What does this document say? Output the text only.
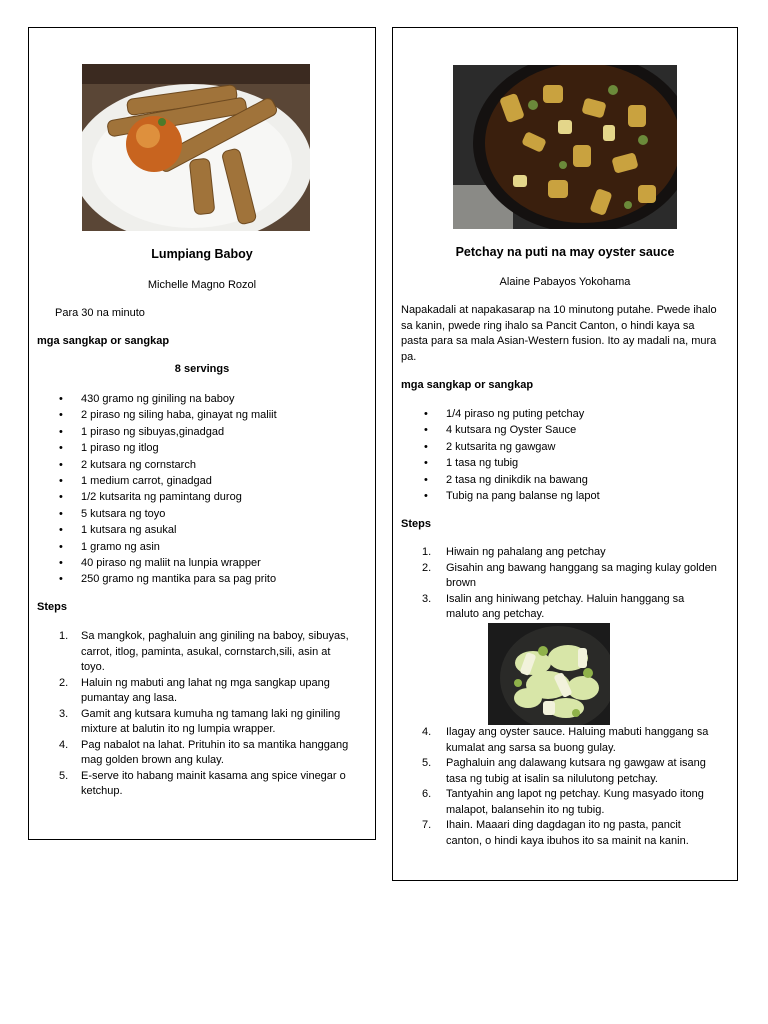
Lumpiang Baboy
Michelle Magno Rozol
Para 30 na minuto
mga sangkap or sangkap
8 servings
• 430 gramo ng giniling na baboy
• 2 piraso ng siling haba, ginayat ng maliit
• 1 piraso ng sibuyas,ginadgad
• 1 piraso ng itlog
• 2 kutsara ng cornstarch
• 1 medium carrot, ginadgad
• 1/2 kutsarita ng pamintang durog
• 5 kutsara ng toyo
• 1 kutsara ng asukal
• 1 gramo ng asin
• 40 piraso ng maliit na lunpia wrapper
• 250 gramo ng mantika para sa pag prito
Steps
1. Sa mangkok, paghaluin ang giniling na baboy, sibuyas,
carrot, itlog, paminta, asukal, cornstarch,sili, asin at
toyo.
2. Haluin ng mabuti ang lahat ng mga sangkap upang
pumantay ang lasa.
3. Gamit ang kutsara kumuha ng tamang laki ng giniling
mixture at balutin ito ng lumpia wrapper.
4. Pag nabalot na lahat. Prituhin ito sa mantika hanggang
mag golden brown ang kulay.
5. E-serve ito habang mainit kasama ang spice vinegar o
ketchup.
Petchay na puti na may oyster sauce
Alaine Pabayos Yokohama
Napakadali at napakasarap na 10 minutong putahe. Pwede ihalo
sa kanin, pwede ring ihalo sa Pancit Canton, o hindi kaya sa
pasta para sa mala Asian-Western fusion. Ito ay madali na, mura
pa.
mga sangkap or sangkap
• 1/4 piraso ng puting petchay
• 4 kutsara ng Oyster Sauce
• 2 kutsarita ng gawgaw
• 1 tasa ng tubig
• 2 tasa ng dinikdik na bawang
• Tubig na pang balanse ng lapot
Steps
1. Hiwain ng pahalang ang petchay
2. Gisahin ang bawang hanggang sa maging kulay golden
brown
3. Isalin ang hiniwang petchay. Haluin hanggang sa
maluto ang petchay.
4. Ilagay ang oyster sauce. Haluing mabuti hanggang sa
kumalat ang sarsa sa buong gulay.
5. Paghaluin ang dalawang kutsara ng gawgaw at isang
tasa ng tubig at isalin sa nilulutong petchay.
6. Tantyahin ang lapot ng petchay. Kung masyado itong
malapot, balansehin ito ng tubig.
7. Ihain. Maaari ding dagdagan ito ng pasta, pancit
canton, o hindi kaya ibuhos ito sa mainit na kanin.
